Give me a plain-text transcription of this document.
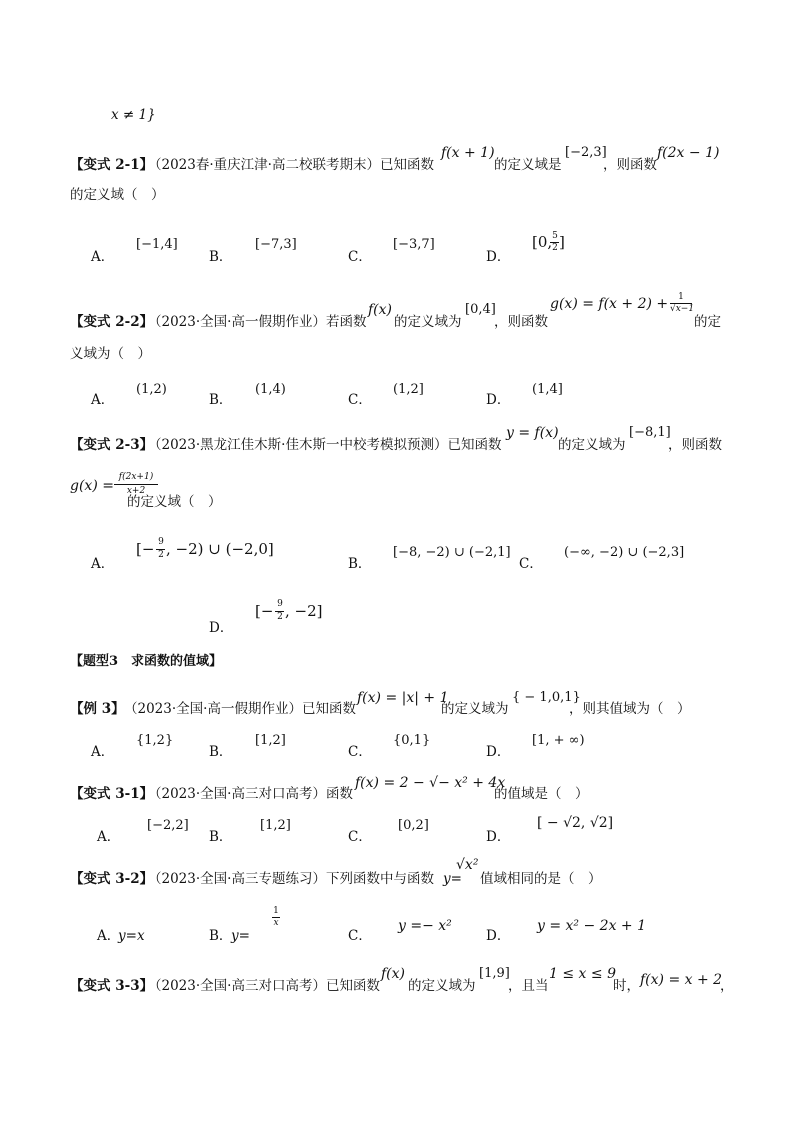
x ≠ 1}
【变式 2-1】
（2023春·重庆江津·高二校联考期末）已知函数
f(x + 1)
的定义域是
[−2,3]
，则函数
f(2x − 1)
的定义域（　）
A．
[−1,4]
B．
[−7,3]
C．
[−3,7]
D．
[0, 5
2 ]
【变式 2-2】
（2023·全国·高一假期作业）若函数
f(x)
的定义域为
[0,4]
，则函数
g(x) = f(x + 2) +	1
√x−1
的定
义域为（　）
A．
(1,2)
B．
(1,4)
C．
(1,2]
D．
(1,4]
【变式 2-3】
（2023·黑龙江佳木斯·佳木斯一中校考模拟预测）已知函数
y = f(x)
的定义域为
[−8,1]
，则函数
g(x) =
f(2x+1)
x+2
的定义域（　）
A．
[− 9
2 , −2) ∪ (−2,0]
B．
[−8, −2) ∪ (−2,1]
C．
(−∞, −2) ∪ (−2,3]
D．
[− 9
2 , −2]
【题型3　求函数的值域】
【例 3】 （2023·全国·高一假期作业）已知函数
f(x) = |x| + 1
的定义域为
{ − 1,0,1}
，则其值域为（　）
A．
{1,2}
B．
[1,2]
C．
{0,1}
D．
[1, + ∞)
【变式 3-1】
（2023·全国·高三对口高考）函数
f(x) = 2 − √− x² + 4x
的值域是（　）
A．
[−2,2]
B．
[1,2]
C．
[0,2]
D．
[ − √2, √2]
【变式 3-2】
（2023·全国·高三专题练习）下列函数中与函数 y=
√x²
值域相同的是（　）
A．
y=x	B．
y=
1
x
C．
y =− x²
D．
y = x² − 2x + 1
【变式 3-3】
（2023·全国·高三对口高考）已知函数
f(x)
的定义域为
[1,9]
，且当
1 ≤ x ≤ 9
时， f(x) = x + 2
，
